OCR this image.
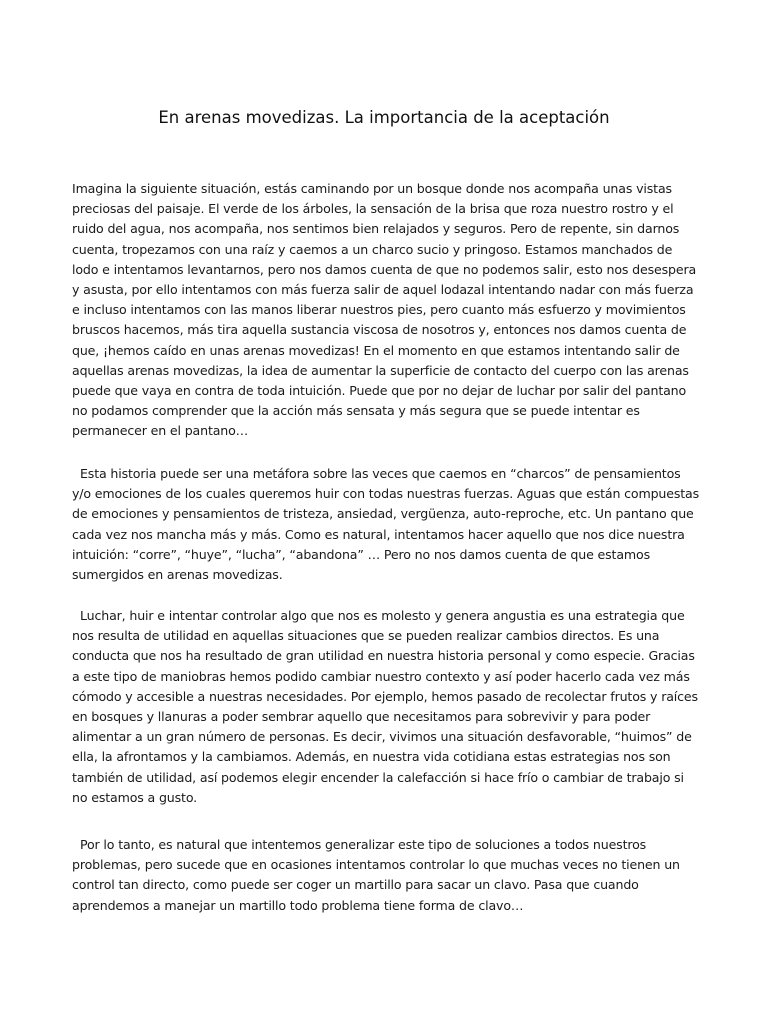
En arenas movedizas. La importancia de la aceptación

Imagina la siguiente situación, estás caminando por un bosque donde nos acompaña unas vistas preciosas del paisaje. El verde de los árboles, la sensación de la brisa que roza nuestro rostro y el ruido del agua, nos acompaña, nos sentimos bien relajados y seguros. Pero de repente, sin darnos cuenta, tropezamos con una raíz y caemos a un charco sucio y pringoso. Estamos manchados de lodo e intentamos levantarnos, pero nos damos cuenta de que no podemos salir, esto nos desespera y asusta, por ello intentamos con más fuerza salir de aquel lodazal intentando nadar con más fuerza e incluso intentamos con las manos liberar nuestros pies, pero cuanto más esfuerzo y movimientos bruscos hacemos, más tira aquella sustancia viscosa de nosotros y, entonces nos damos cuenta de que, ¡hemos caído en unas arenas movedizas! En el momento en que estamos intentando salir de aquellas arenas movedizas, la idea de aumentar la superficie de contacto del cuerpo con las arenas puede que vaya en contra de toda intuición. Puede que por no dejar de luchar por salir del pantano no podamos comprender que la acción más sensata y más segura que se puede intentar es permanecer en el pantano…

Esta historia puede ser una metáfora sobre las veces que caemos en “charcos” de pensamientos y/o emociones de los cuales queremos huir con todas nuestras fuerzas. Aguas que están compuestas de emociones y pensamientos de tristeza, ansiedad, vergüenza, auto-reproche, etc. Un pantano que cada vez nos mancha más y más. Como es natural, intentamos hacer aquello que nos dice nuestra intuición: “corre”, “huye”, “lucha”, “abandona” … Pero no nos damos cuenta de que estamos sumergidos en arenas movedizas.

Luchar, huir e intentar controlar algo que nos es molesto y genera angustia es una estrategia que nos resulta de utilidad en aquellas situaciones que se pueden realizar cambios directos. Es una conducta que nos ha resultado de gran utilidad en nuestra historia personal y como especie. Gracias a este tipo de maniobras hemos podido cambiar nuestro contexto y así poder hacerlo cada vez más cómodo y accesible a nuestras necesidades. Por ejemplo, hemos pasado de recolectar frutos y raíces en bosques y llanuras a poder sembrar aquello que necesitamos para sobrevivir y para poder alimentar a un gran número de personas. Es decir, vivimos una situación desfavorable, “huimos” de ella, la afrontamos y la cambiamos. Además, en nuestra vida cotidiana estas estrategias nos son también de utilidad, así podemos elegir encender la calefacción si hace frío o cambiar de trabajo si no estamos a gusto.

Por lo tanto, es natural que intentemos generalizar este tipo de soluciones a todos nuestros problemas, pero sucede que en ocasiones intentamos controlar lo que muchas veces no tienen un control tan directo, como puede ser coger un martillo para sacar un clavo. Pasa que cuando aprendemos a manejar un martillo todo problema tiene forma de clavo…
